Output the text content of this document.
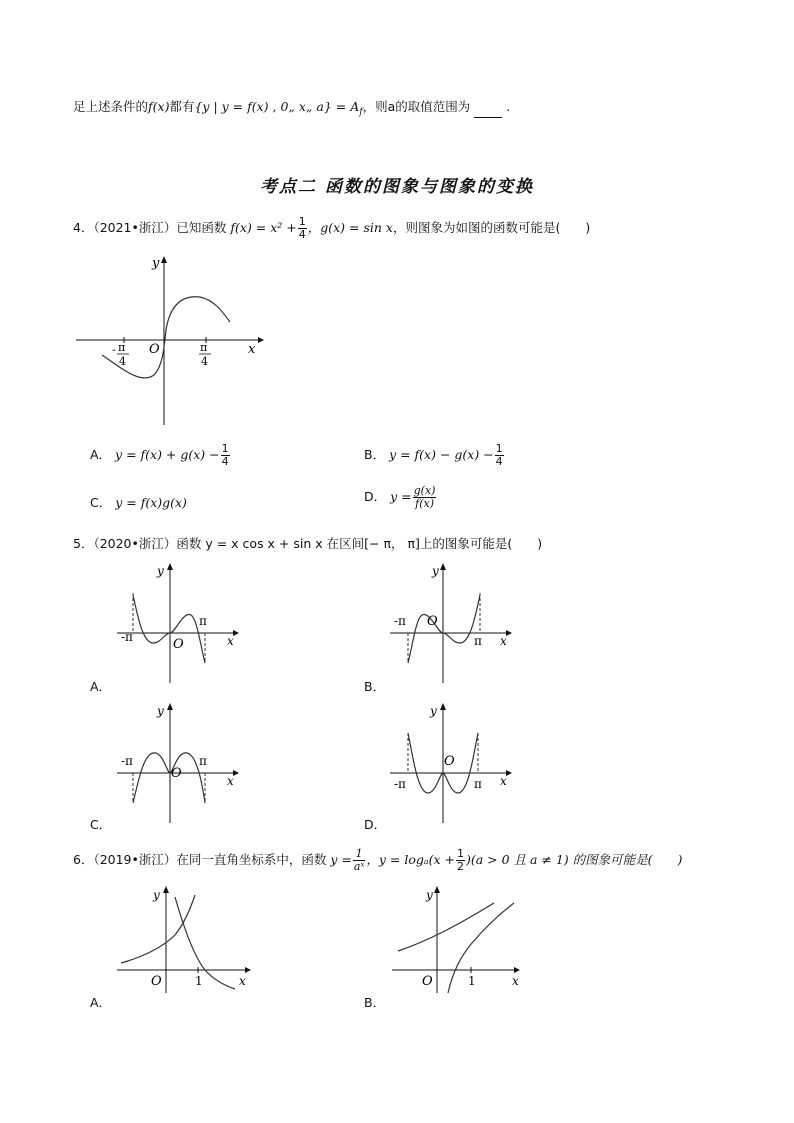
足上述条件的f(x)都有{y | y = f(x) , 0„ x„ $a\} = A_f$，则a的取值范围为	.
考点二 函数的图象与图象的变换
4．（2021•浙江）已知函数 $f(x) = x^2 + \frac{1}{4}$ ，g(x) = sin x，则图象为如图的函数可能是(　　)
y
x
O
- π
4
π
4
A． $y = f(x) + g(x) - \frac{1}{4}$	B． $y = f(x) - g(x) - \frac{1}{4}$
C． y = f(x)g(x)	D． $y = \frac{g(x)}{f(x)}$
5．（2020•浙江）函数 y = x cos x + sin x 在区间[− π， π]上的图象可能是(　　)
y
x
O
-π
π
A．
y
x
O
-π
π
B．
y
x
O
-π	π
C．
y
x
O
-π	π
D．
6．（2019•浙江）在同一直角坐标系中，函数 $y = \frac{1}{\text{aˣ}}$ ，$y = \log_a(x + \frac{1}{2} )(a > 0$ 且 a ≠ 1) 的图象可能是(　　)
y
x
O	1
A．
y
x
O	1
B．
